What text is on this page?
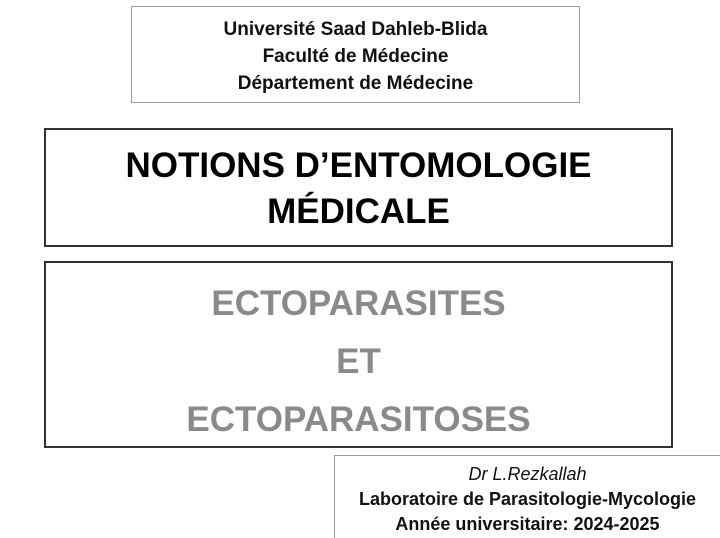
Université Saad Dahleb-Blida
Faculté de Médecine
Département de Médecine
NOTIONS D’ENTOMOLOGIE
MÉDICALE
ECTOPARASITES
ET
ECTOPARASITOSES
Dr L.Rezkallah
Laboratoire de Parasitologie-Mycologie
Année universitaire: 2024-2025
